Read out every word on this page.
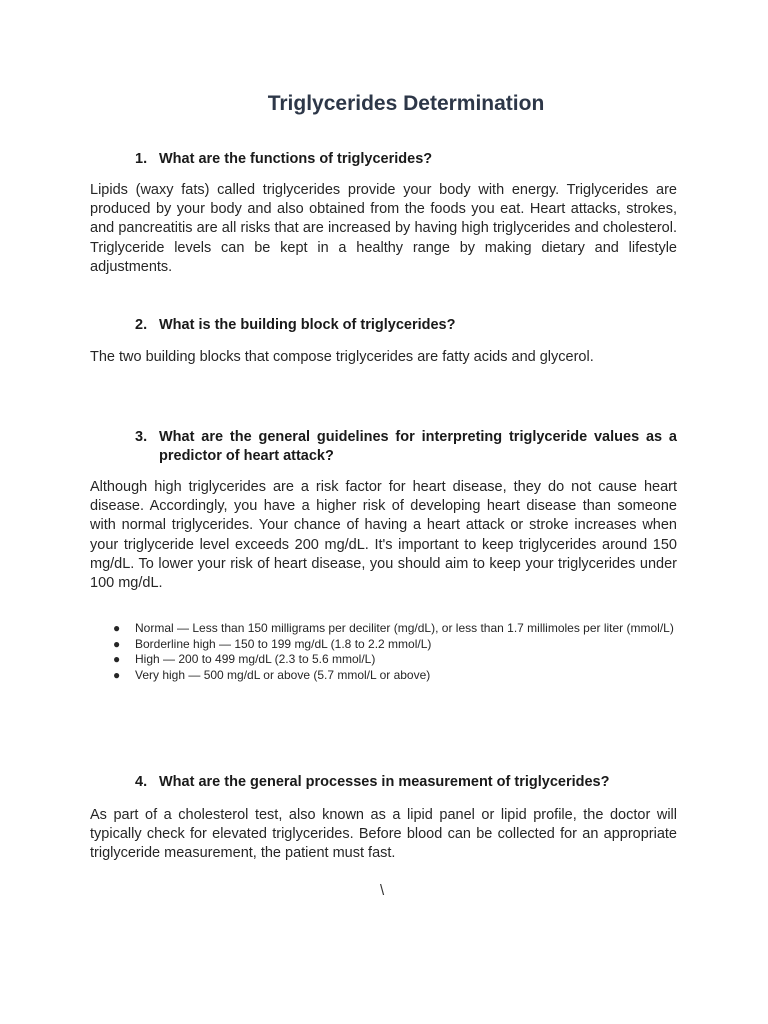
Triglycerides Determination
1. What are the functions of triglycerides?

Lipids (waxy fats) called triglycerides provide your body with energy. Triglycerides are produced by your body and also obtained from the foods you eat. Heart attacks, strokes, and pancreatitis are all risks that are increased by having high triglycerides and cholesterol. Triglyceride levels can be kept in a healthy range by making dietary and lifestyle adjustments.

2. What is the building block of triglycerides?

The two building blocks that compose triglycerides are fatty acids and glycerol.

3. What are the general guidelines for interpreting triglyceride values as a predictor of heart attack?

Although high triglycerides are a risk factor for heart disease, they do not cause heart disease. Accordingly, you have a higher risk of developing heart disease than someone with normal triglycerides. Your chance of having a heart attack or stroke increases when your triglyceride level exceeds 200 mg/dL. It's important to keep triglycerides around 150 mg/dL. To lower your risk of heart disease, you should aim to keep your triglycerides under 100 mg/dL.

● Normal — Less than 150 milligrams per deciliter (mg/dL), or less than 1.7 millimoles per liter (mmol/L)
● Borderline high — 150 to 199 mg/dL (1.8 to 2.2 mmol/L)
● High — 200 to 499 mg/dL (2.3 to 5.6 mmol/L)
● Very high — 500 mg/dL or above (5.7 mmol/L or above)
4. What are the general processes in measurement of triglycerides?

As part of a cholesterol test, also known as a lipid panel or lipid profile, the doctor will typically check for elevated triglycerides. Before blood can be collected for an appropriate triglyceride measurement, the patient must fast.

\
